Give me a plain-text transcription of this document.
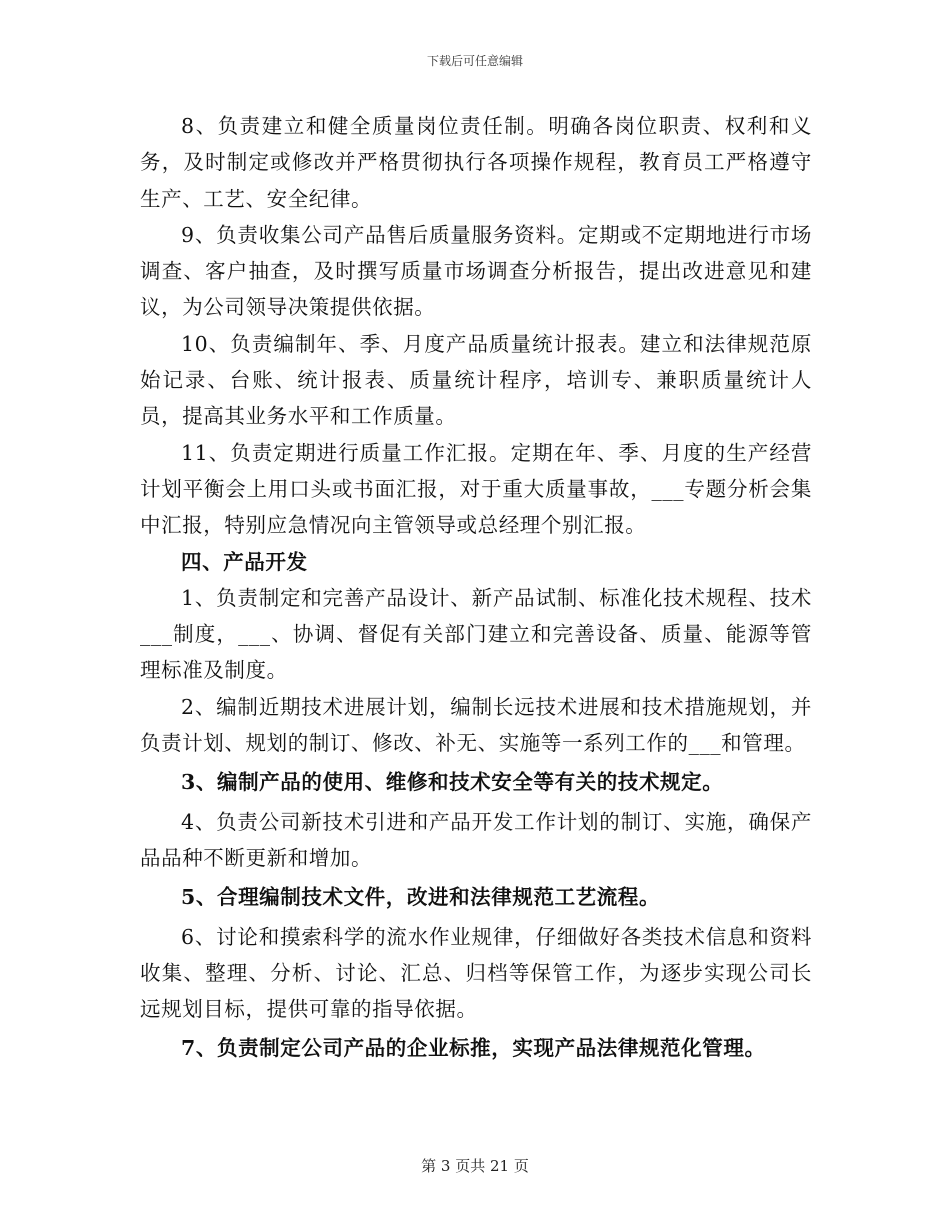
下载后可任意编辑

8、负责建立和健全质量岗位责任制。明确各岗位职责、权利和义务，及时制定或修改并严格贯彻执行各项操作规程，教育员工严格遵守生产、工艺、安全纪律。

9、负责收集公司产品售后质量服务资料。定期或不定期地进行市场调查、客户抽查，及时撰写质量市场调查分析报告，提出改进意见和建议，为公司领导决策提供依据。

10、负责编制年、季、月度产品质量统计报表。建立和法律规范原始记录、台账、统计报表、质量统计程序，培训专、兼职质量统计人员，提高其业务水平和工作质量。

11、负责定期进行质量工作汇报。定期在年、季、月度的生产经营计划平衡会上用口头或书面汇报，对于重大质量事故，___专题分析会集中汇报，特别应急情况向主管领导或总经理个别汇报。

四、产品开发

1、负责制定和完善产品设计、新产品试制、标准化技术规程、技术___制度，___、协调、督促有关部门建立和完善设备、质量、能源等管理标准及制度。

2、编制近期技术进展计划，编制长远技术进展和技术措施规划，并负责计划、规划的制订、修改、补无、实施等一系列工作的___和管理。

3、编制产品的使用、维修和技术安全等有关的技术规定。

4、负责公司新技术引进和产品开发工作计划的制订、实施，确保产品品种不断更新和增加。

5、合理编制技术文件，改进和法律规范工艺流程。

6、讨论和摸索科学的流水作业规律，仔细做好各类技术信息和资料收集、整理、分析、讨论、汇总、归档等保管工作，为逐步实现公司长远规划目标，提供可靠的指导依据。

7、负责制定公司产品的企业标推，实现产品法律规范化管理。

第 3 页共 21 页
